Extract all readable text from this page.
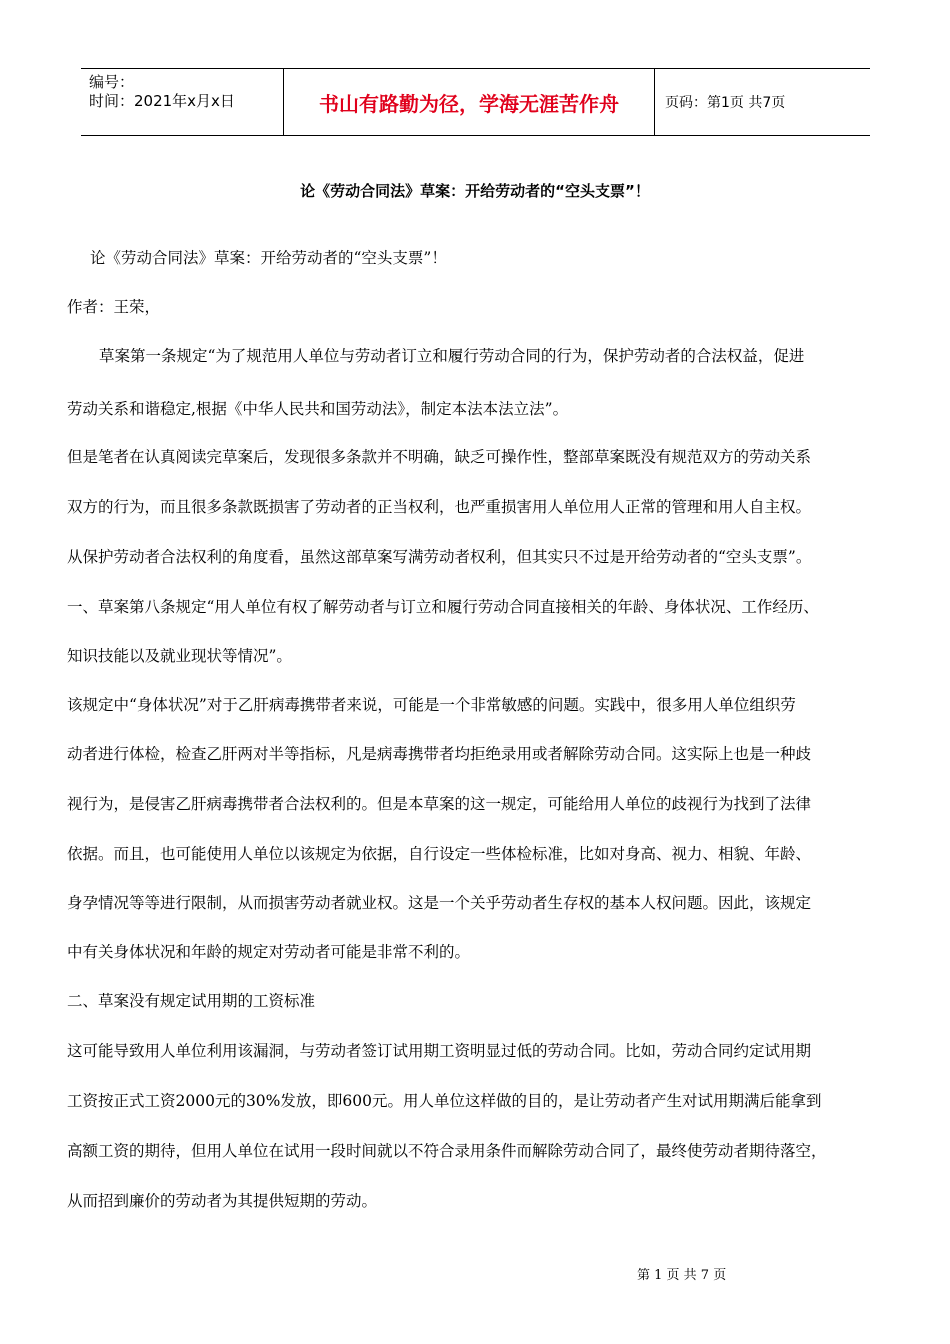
编号：
时间：2021年x月x日	书山有路勤为径，学海无涯苦作舟	页码：第1页 共7页
论《劳动合同法》草案：开给劳动者的“空头支票”！
论《劳动合同法》草案：开给劳动者的“空头支票”！
作者：王荣，
草案第一条规定“为了规范用人单位与劳动者订立和履行劳动合同的行为，保护劳动者的合法权益，促进
劳动关系和谐稳定,根据《中华人民共和国劳动法》，制定本法本法立法”。
但是笔者在认真阅读完草案后，发现很多条款并不明确，缺乏可操作性，整部草案既没有规范双方的劳动关系
双方的行为，而且很多条款既损害了劳动者的正当权利，也严重损害用人单位用人正常的管理和用人自主权。
从保护劳动者合法权利的角度看，虽然这部草案写满劳动者权利，但其实只不过是开给劳动者的“空头支票”。
一、草案第八条规定“用人单位有权了解劳动者与订立和履行劳动合同直接相关的年龄、身体状况、工作经历、
知识技能以及就业现状等情况”。
该规定中“身体状况”对于乙肝病毒携带者来说，可能是一个非常敏感的问题。实践中，很多用人单位组织劳
动者进行体检，检查乙肝两对半等指标，凡是病毒携带者均拒绝录用或者解除劳动合同。这实际上也是一种歧
视行为，是侵害乙肝病毒携带者合法权利的。但是本草案的这一规定，可能给用人单位的歧视行为找到了法律
依据。而且，也可能使用人单位以该规定为依据，自行设定一些体检标准，比如对身高、视力、相貌、年龄、
身孕情况等等进行限制，从而损害劳动者就业权。这是一个关乎劳动者生存权的基本人权问题。因此，该规定
中有关身体状况和年龄的规定对劳动者可能是非常不利的。
二、草案没有规定试用期的工资标准
这可能导致用人单位利用该漏洞，与劳动者签订试用期工资明显过低的劳动合同。比如，劳动合同约定试用期
工资按正式工资2000元的30%发放，即600元。用人单位这样做的目的，是让劳动者产生对试用期满后能拿到
高额工资的期待，但用人单位在试用一段时间就以不符合录用条件而解除劳动合同了，最终使劳动者期待落空，
从而招到廉价的劳动者为其提供短期的劳动。
第 1 页 共 7 页
